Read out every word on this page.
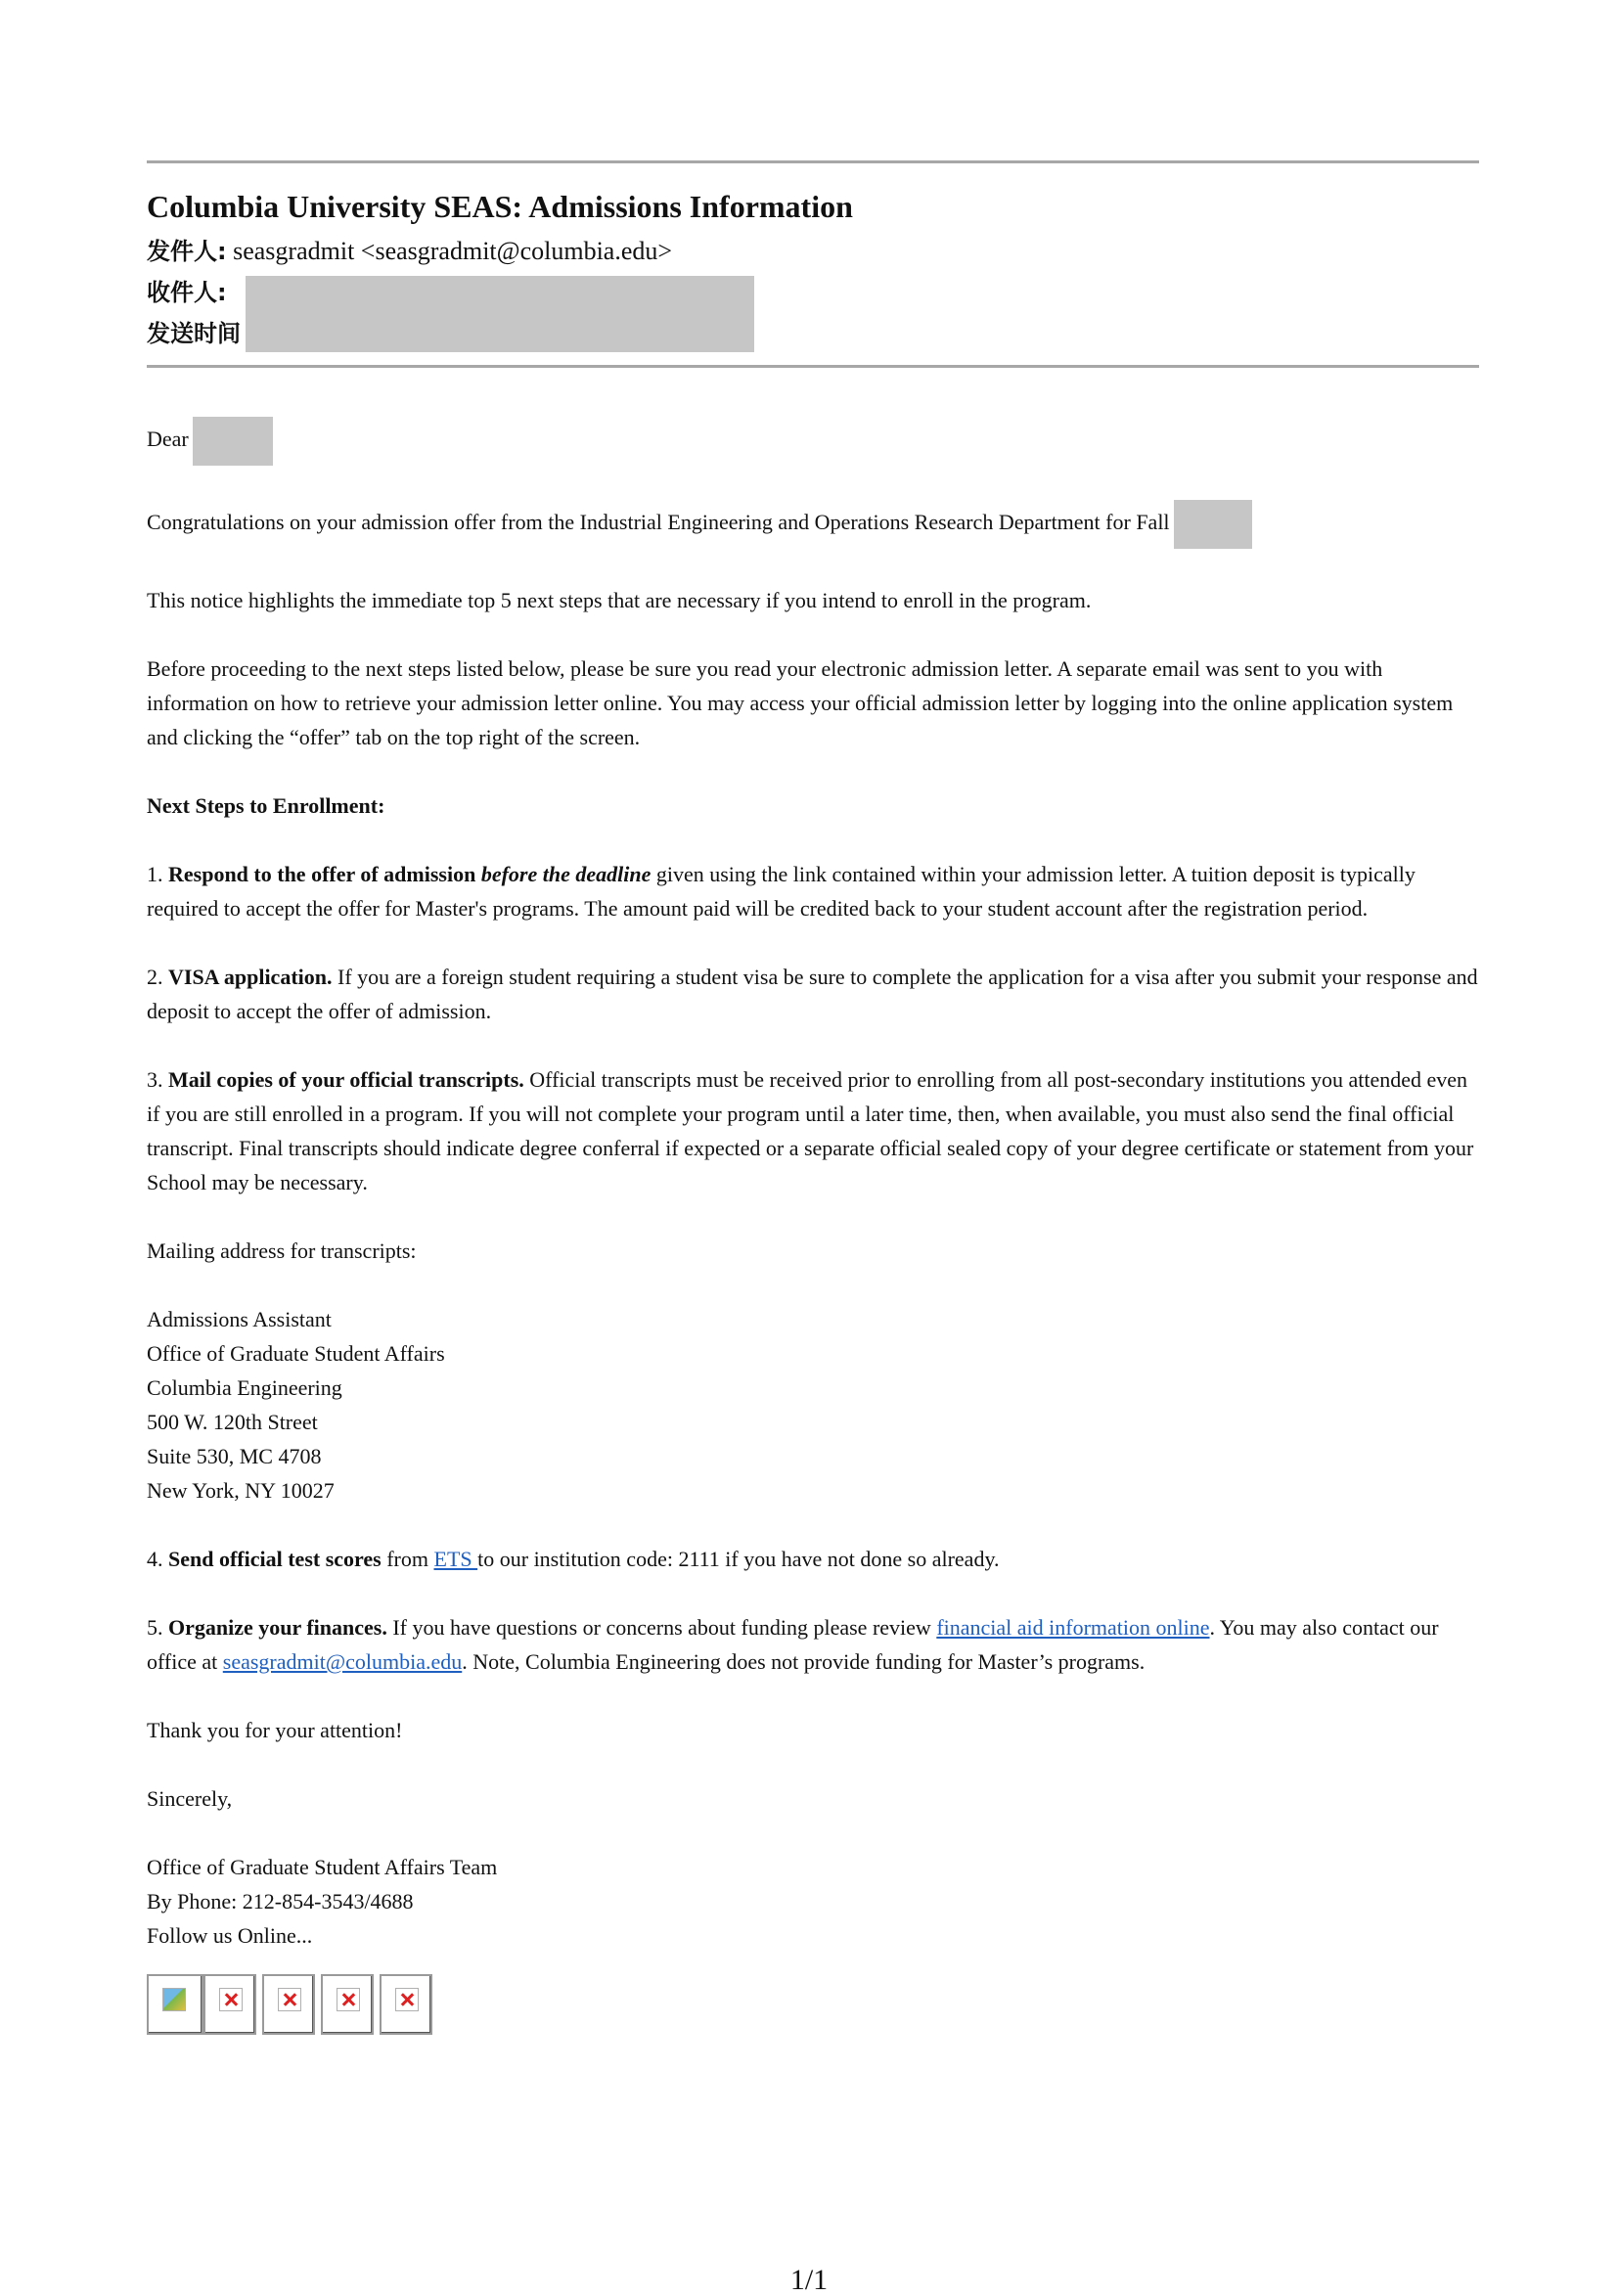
Columbia University SEAS: Admissions Information
发件人: seasgradmit <seasgradmit@columbia.edu>
收件人:
发送时间

Dear

Congratulations on your admission offer from the Industrial Engineering and Operations Research Department for Fall

This notice highlights the immediate top 5 next steps that are necessary if you intend to enroll in the program.

Before proceeding to the next steps listed below, please be sure you read your electronic admission letter. A separate email was sent to you with information on how to retrieve your admission letter online. You may access your official admission letter by logging into the online application system and clicking the “offer” tab on the top right of the screen.

Next Steps to Enrollment:

1. Respond to the offer of admission before the deadline given using the link contained within your admission letter. A tuition deposit is typically required to accept the offer for Master's programs. The amount paid will be credited back to your student account after the registration period.

2. VISA application. If you are a foreign student requiring a student visa be sure to complete the application for a visa after you submit your response and deposit to accept the offer of admission.

3. Mail copies of your official transcripts. Official transcripts must be received prior to enrolling from all post-secondary institutions you attended even if you are still enrolled in a program. If you will not complete your program until a later time, then, when available, you must also send the final official transcript. Final transcripts should indicate degree conferral if expected or a separate official sealed copy of your degree certificate or statement from your School may be necessary.

Mailing address for transcripts:

Admissions Assistant

Office of Graduate Student Affairs

Columbia Engineering

500 W. 120th Street

Suite 530, MC 4708

New York, NY 10027

4. Send official test scores from ETS to our institution code: 2111 if you have not done so already.

5. Organize your finances. If you have questions or concerns about funding please review financial aid information online. You may also contact our office at seasgradmit@columbia.edu. Note, Columbia Engineering does not provide funding for Master’s programs.

Thank you for your attention!

Sincerely,

Office of Graduate Student Affairs Team

By Phone: 212-854-3543/4688

Follow us Online...

1/1
